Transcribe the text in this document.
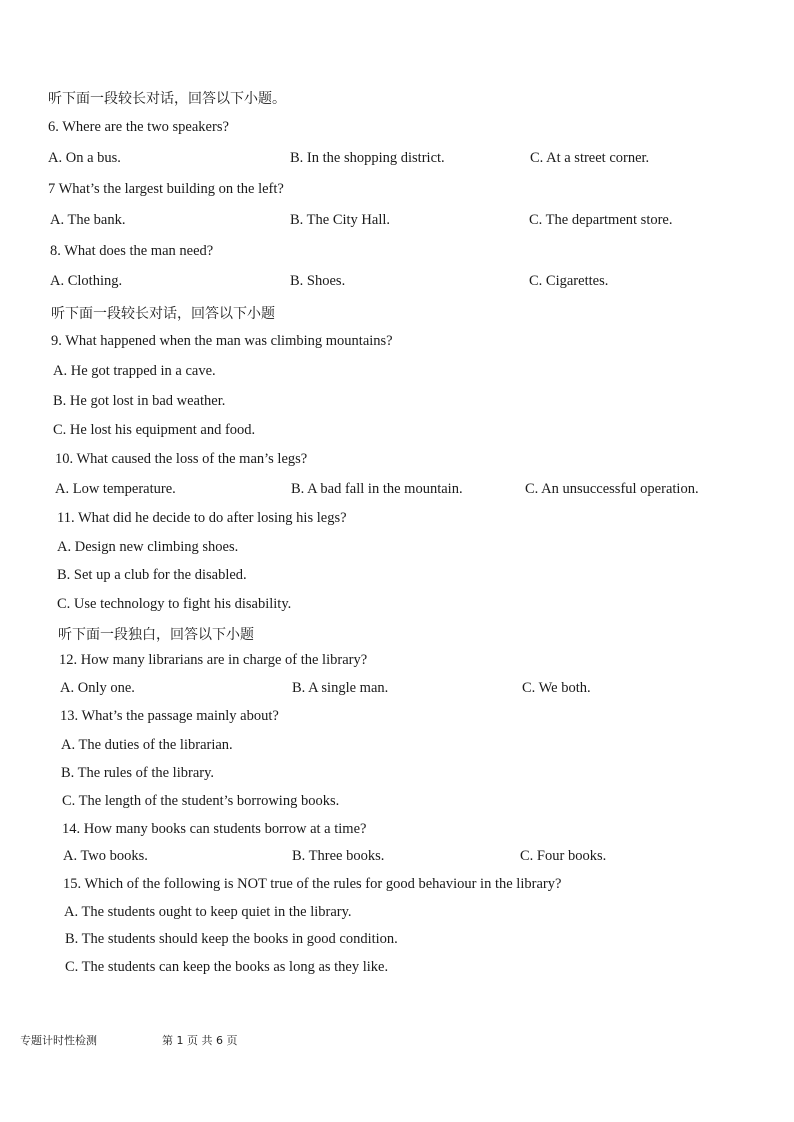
听下面一段较长对话，回答以下小题。
6. Where are the two speakers?
A. On a bus.	B. In the shopping district.	C. At a street corner.
7 What’s the largest building on the left?
A. The bank.	B. The City Hall.	C. The department store.
8. What does the man need?
A. Clothing.	B. Shoes.	C. Cigarettes.
听下面一段较长对话，回答以下小题
9. What happened when the man was climbing mountains?
A. He got trapped in a cave.
B. He got lost in bad weather.
C. He lost his equipment and food.
10. What caused the loss of the man’s legs?
A. Low temperature.	B. A bad fall in the mountain.	C. An unsuccessful operation.
11. What did he decide to do after losing his legs?
A. Design new climbing shoes.
B. Set up a club for the disabled.
C. Use technology to fight his disability.
听下面一段独白，回答以下小题
12. How many librarians are in charge of the library?
A. Only one.	B. A single man.	C. We both.
13. What’s the passage mainly about?
A. The duties of the librarian.
B. The rules of the library.
C. The length of the student’s borrowing books.
14. How many books can students borrow at a time?
A. Two books.	B. Three books.	C. Four books.
15. Which of the following is NOT true of the rules for good behaviour in the library?
A. The students ought to keep quiet in the library.
B. The students should keep the books in good condition.
C. The students can keep the books as long as they like.
专题计时性检测	第 1 页 共 6 页
